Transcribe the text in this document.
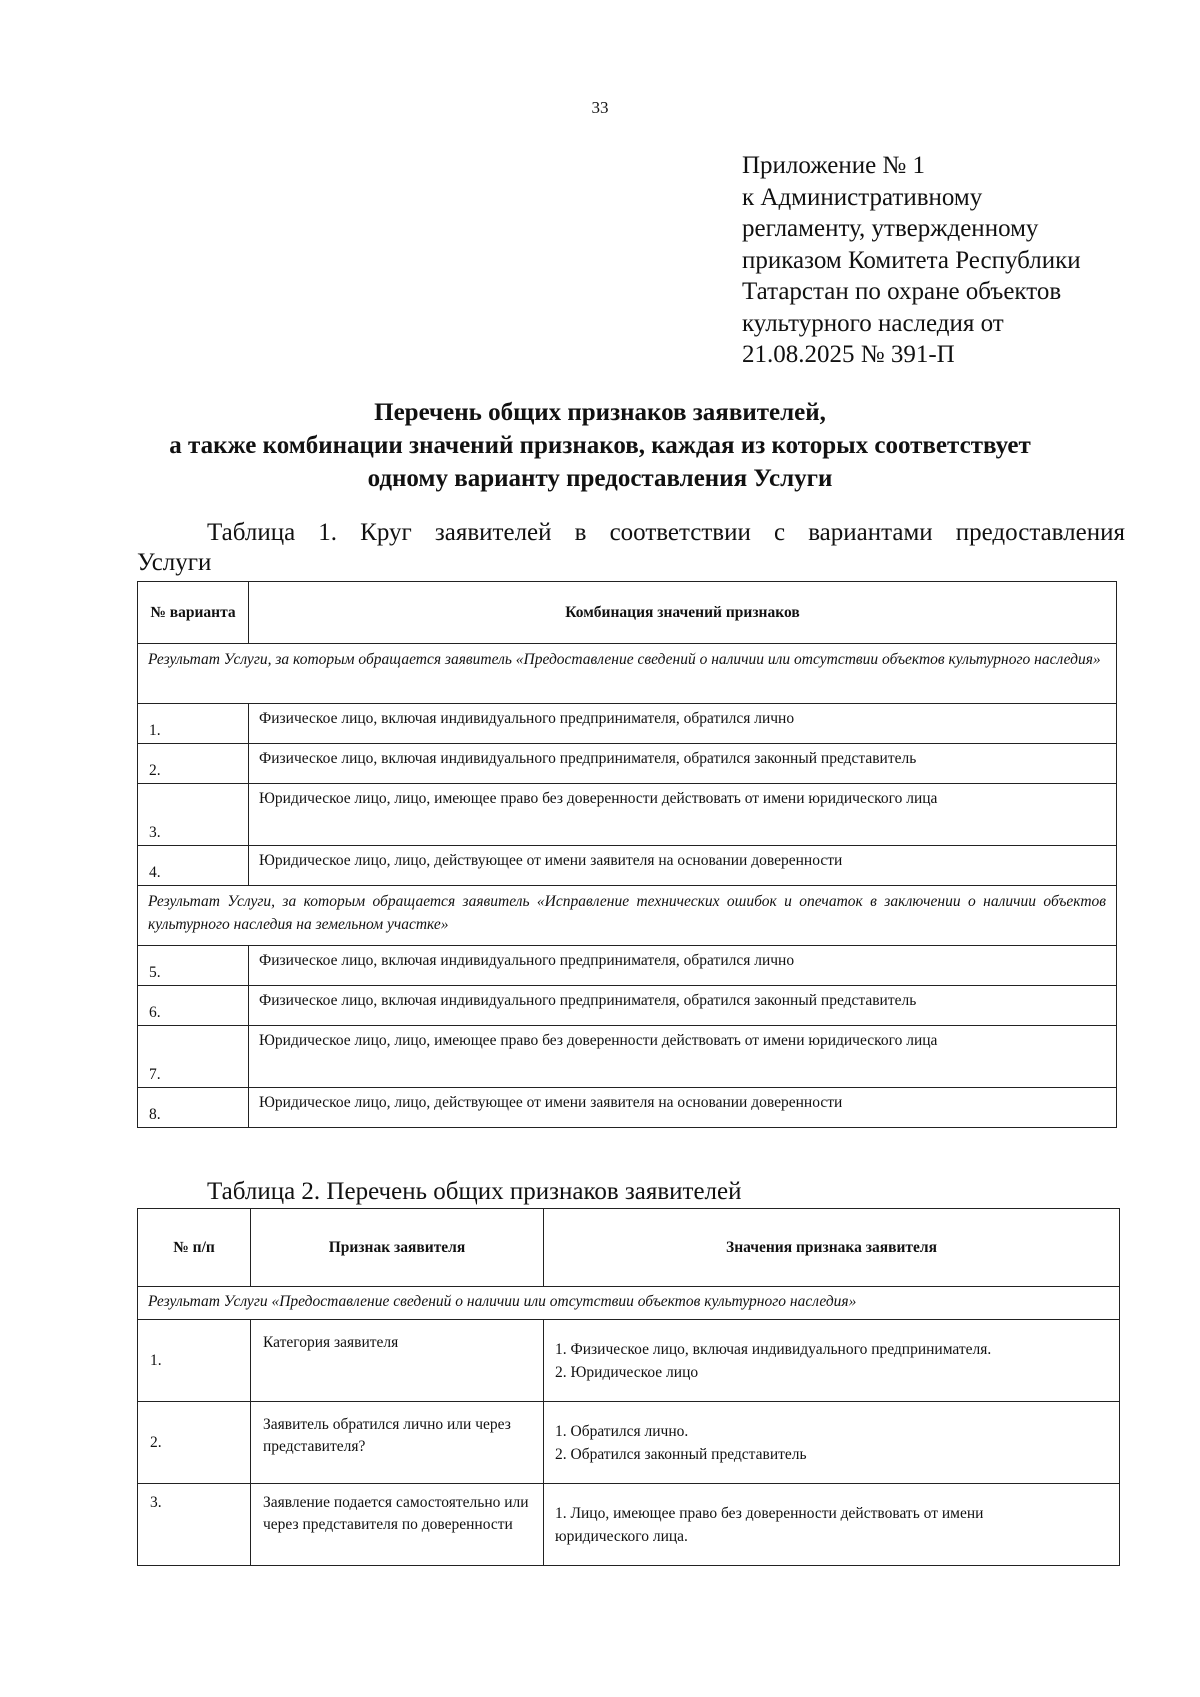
33
Приложение № 1
к Административному
регламенту, утвержденному
приказом Комитета Республики
Татарстан по охране объектов
культурного наследия от
21.08.2025 № 391-П
Перечень общих признаков заявителей,
а также комбинации значений признаков, каждая из которых соответствует
одному варианту предоставления Услуги
Таблица 1. Круг заявителей в соответствии с вариантами предоставления
Услуги
№ варианта	Комбинация значений признаков
Результат Услуги, за которым обращается заявитель «Предоставление сведений о наличии или отсутствии объектов культурного наследия»	
1.	Физическое лицо, включая индивидуального предпринимателя, обратился лично
2.	Физическое лицо, включая индивидуального предпринимателя, обратился законный представитель
3.	Юридическое лицо, лицо, имеющее право без доверенности действовать от имени юридического лица
4.	Юридическое лицо, лицо, действующее от имени заявителя на основании доверенности
Результат Услуги, за которым обращается заявитель «Исправление технических ошибок и опечаток в заключении о наличии объектов культурного наследия на земельном участке»	
5.	Физическое лицо, включая индивидуального предпринимателя, обратился лично
6.	Физическое лицо, включая индивидуального предпринимателя, обратился законный представитель
7.	Юридическое лицо, лицо, имеющее право без доверенности действовать от имени юридического лица
8.	Юридическое лицо, лицо, действующее от имени заявителя на основании доверенности
Таблица 2. Перечень общих признаков заявителей
№ п/п	Признак заявителя	Значения признака заявителя
Результат Услуги «Предоставление сведений о наличии или отсутствии объектов культурного наследия»		
1.	Категория заявителя	1. Физическое лицо, включая индивидуального предпринимателя.
2. Юридическое лицо

2.	Заявитель обратился лично или через представителя?	1. Обратился лично.
2. Обратился законный представитель

3.	Заявление подается самостоятельно или через представителя по доверенности	1. Лицо, имеющее право без доверенности действовать от имени
юридического лица.
